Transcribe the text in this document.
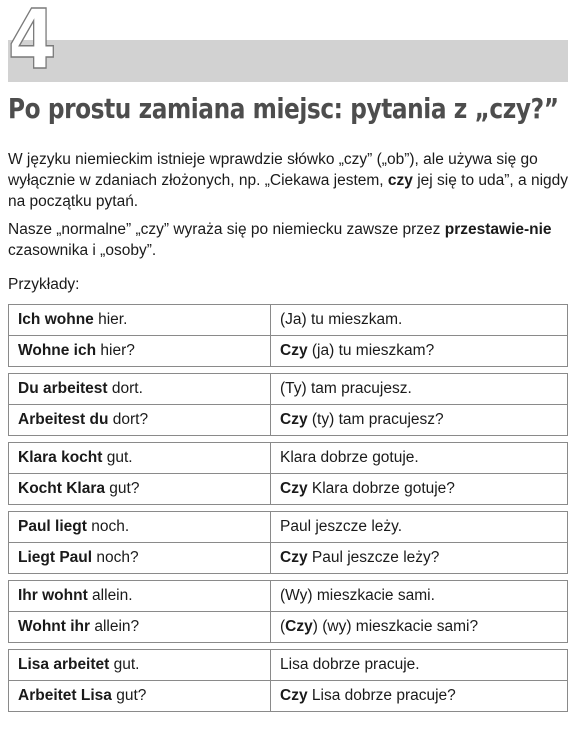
4
Po prostu zamiana miejsc: pytania z „czy?”

W języku niemieckim istnieje wprawdzie słówko „czy” („ob”), ale używa się go wyłącznie w zdaniach złożonych, np. „Ciekawa jestem, czy jej się to uda”, a nigdy na początku pytań.

Nasze „normalne” „czy” wyraża się po niemiecku zawsze przez przestawie-nie czasownika i „osoby”.

Przykłady:
Ich wohne hier.	(Ja) tu mieszkam.
Wohne ich hier?	Czy (ja) tu mieszkam?
Du arbeitest dort.	(Ty) tam pracujesz.
Arbeitest du dort?	Czy (ty) tam pracujesz?
Klara kocht gut.	Klara dobrze gotuje.
Kocht Klara gut?	Czy Klara dobrze gotuje?
Paul liegt noch.	Paul jeszcze leży.
Liegt Paul noch?	Czy Paul jeszcze leży?
Ihr wohnt allein.	(Wy) mieszkacie sami.
Wohnt ihr allein?	(Czy) (wy) mieszkacie sami?
Lisa arbeitet gut.	Lisa dobrze pracuje.
Arbeitet Lisa gut?	Czy Lisa dobrze pracuje?
